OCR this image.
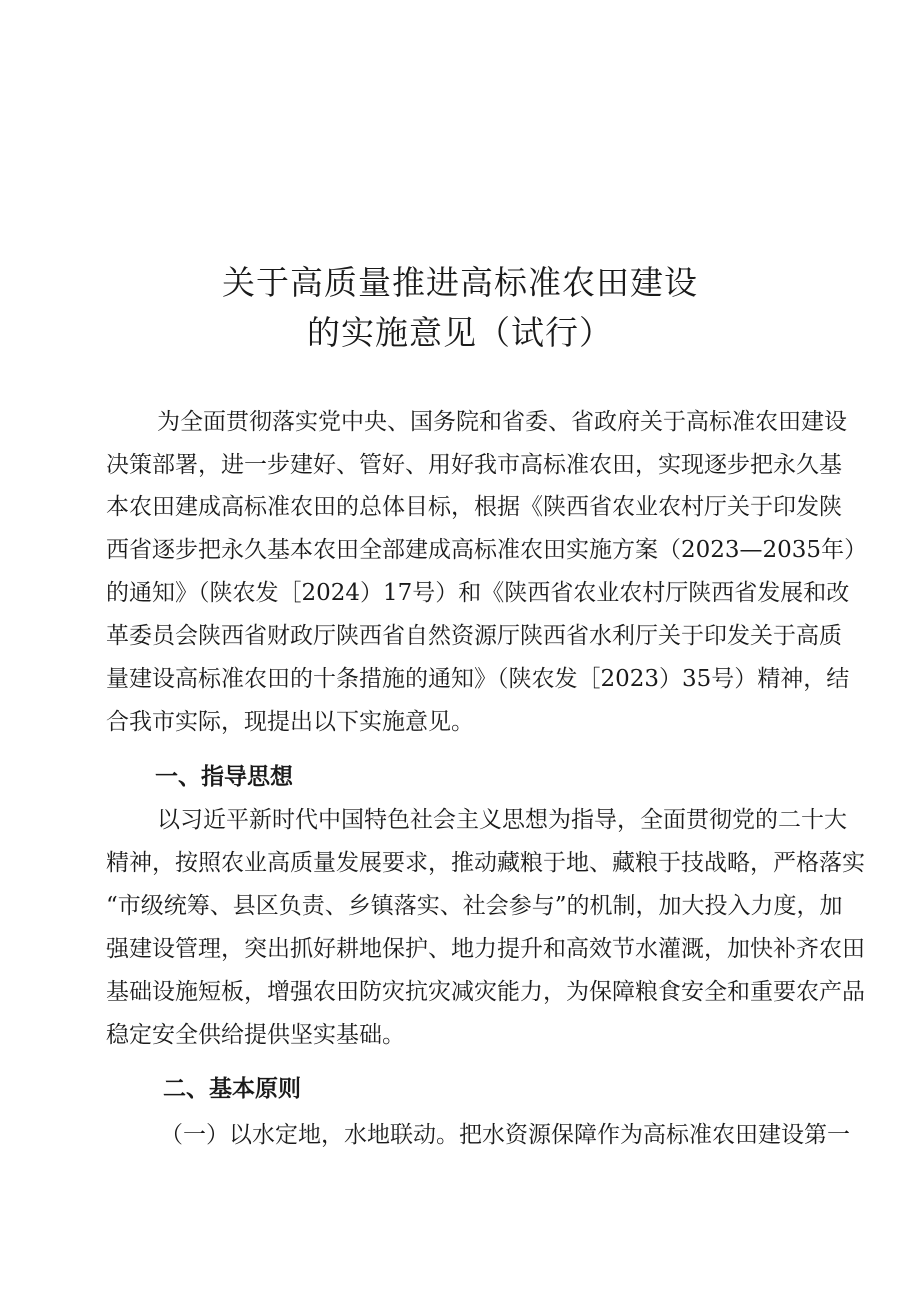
关于高质量推进高标准农田建设
的实施意见（试行）

为全面贯彻落实党中央、国务院和省委、省政府关于高标准农田建设

决策部署，进一步建好、管好、用好我市高标准农田，实现逐步把永久基

本农田建成高标准农田的总体目标，根据《陕西省农业农村厅关于印发陕

西省逐步把永久基本农田全部建成高标准农田实施方案（2023—2035年）

的通知》（陕农发［2024）17号）和《陕西省农业农村厅陕西省发展和改

革委员会陕西省财政厅陕西省自然资源厅陕西省水利厅关于印发关于高质

量建设高标准农田的十条措施的通知》（陕农发［2023）35号）精神，结

合我市实际，现提出以下实施意见。

一、指导思想

以习近平新时代中国特色社会主义思想为指导，全面贯彻党的二十大

精神，按照农业高质量发展要求，推动藏粮于地、藏粮于技战略，严格落实

“市级统筹、县区负责、乡镇落实、社会参与”的机制，加大投入力度，加

强建设管理，突出抓好耕地保护、地力提升和高效节水灌溉，加快补齐农田

基础设施短板，增强农田防灾抗灾减灾能力，为保障粮食安全和重要农产品

稳定安全供给提供坚实基础。

二、基本原则

（一）以水定地，水地联动。把水资源保障作为高标准农田建设第一
